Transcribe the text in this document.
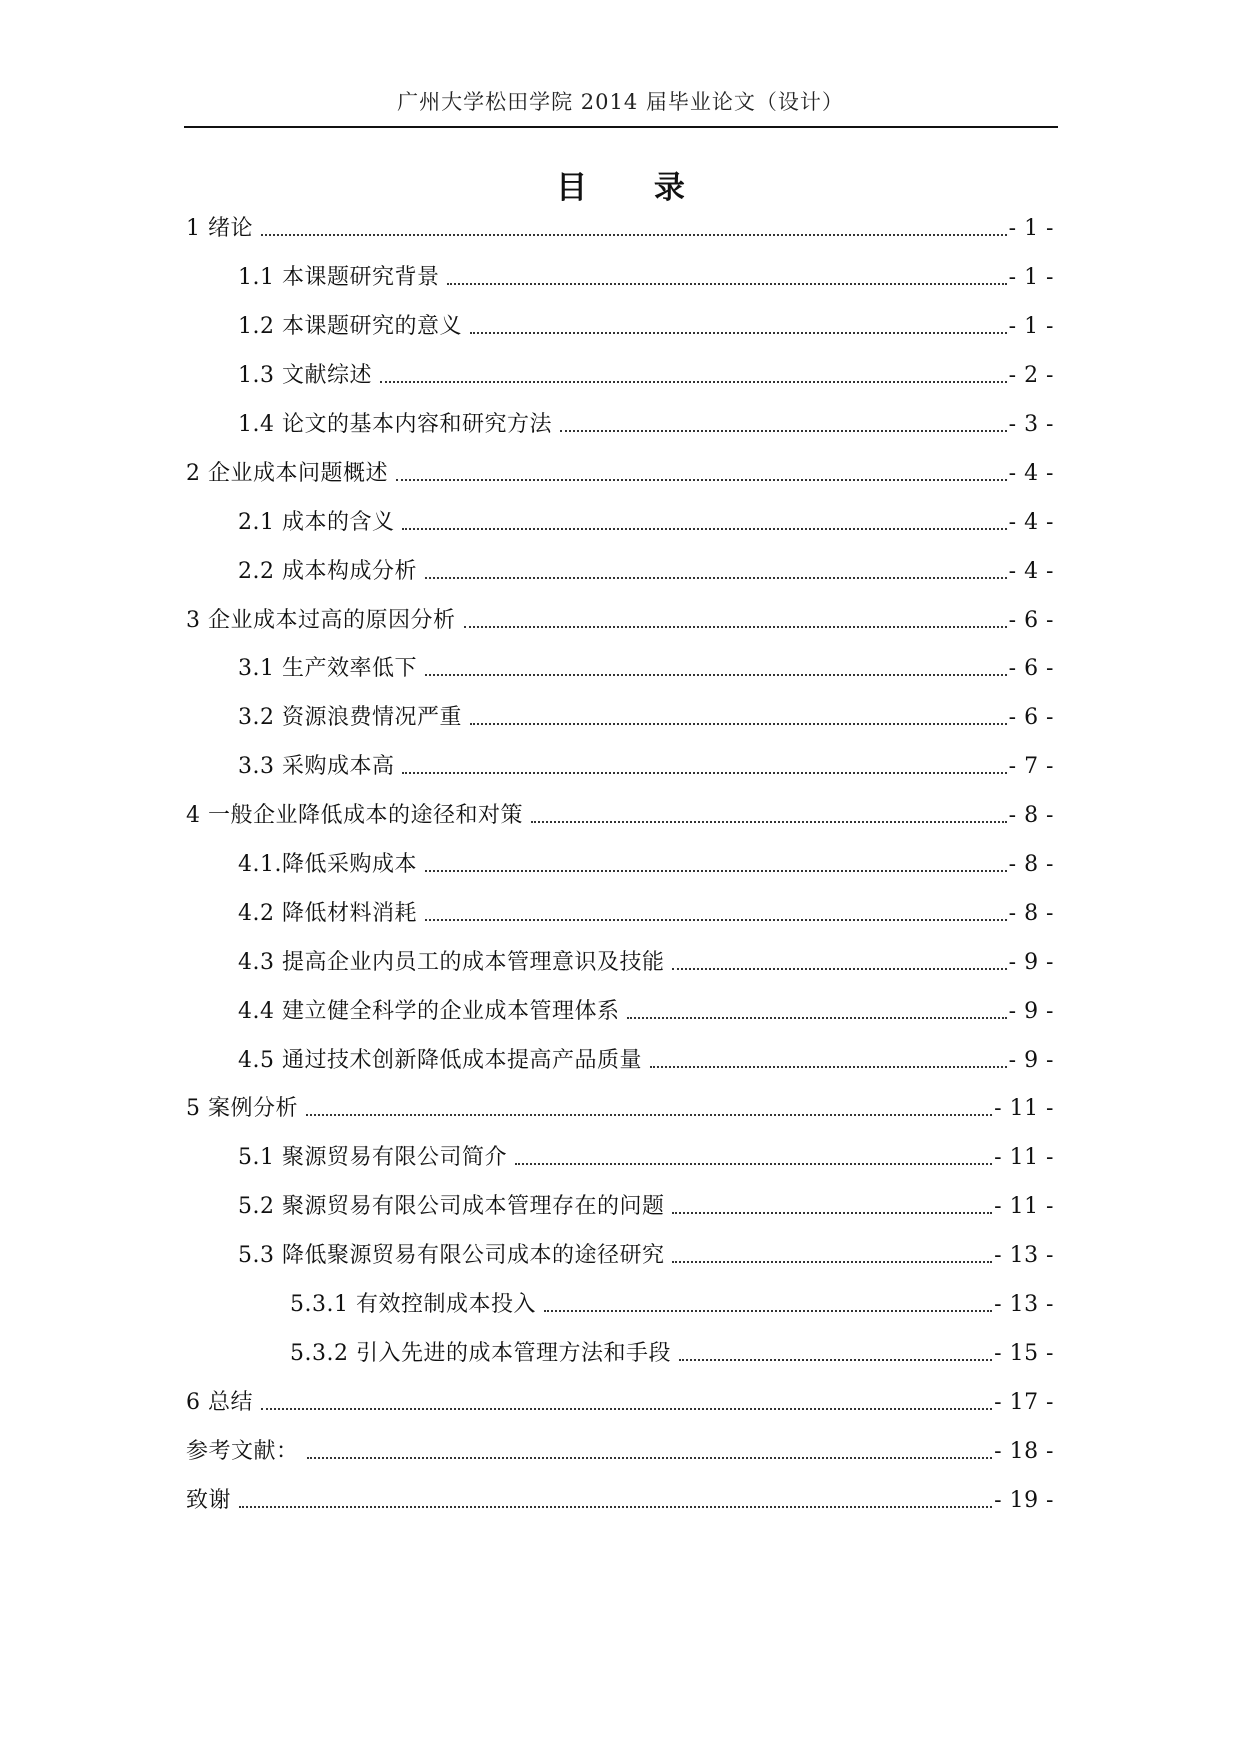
广州大学松田学院 2014 届毕业论文（设计）
目 录
1 绪论	- 1 -
1.1 本课题研究背景	- 1 -
1.2 本课题研究的意义	- 1 -
1.3 文献综述	- 2 -
1.4 论文的基本内容和研究方法	- 3 -
2 企业成本问题概述	- 4 -
2.1 成本的含义	- 4 -
2.2 成本构成分析	- 4 -
3 企业成本过高的原因分析	- 6 -
3.1 生产效率低下	- 6 -
3.2 资源浪费情况严重	- 6 -
3.3 采购成本高	- 7 -
4 一般企业降低成本的途径和对策	- 8 -
4.1.降低采购成本	- 8 -
4.2 降低材料消耗	- 8 -
4.3 提高企业内员工的成本管理意识及技能	- 9 -
4.4 建立健全科学的企业成本管理体系	- 9 -
4.5 通过技术创新降低成本提高产品质量	- 9 -
5 案例分析	- 11 -
5.1 聚源贸易有限公司简介	- 11 -
5.2 聚源贸易有限公司成本管理存在的问题	- 11 -
5.3 降低聚源贸易有限公司成本的途径研究	- 13 -
5.3.1 有效控制成本投入	- 13 -
5.3.2 引入先进的成本管理方法和手段	- 15 -
6 总结	- 17 -
参考文献：	- 18 -
致谢	- 19 -
